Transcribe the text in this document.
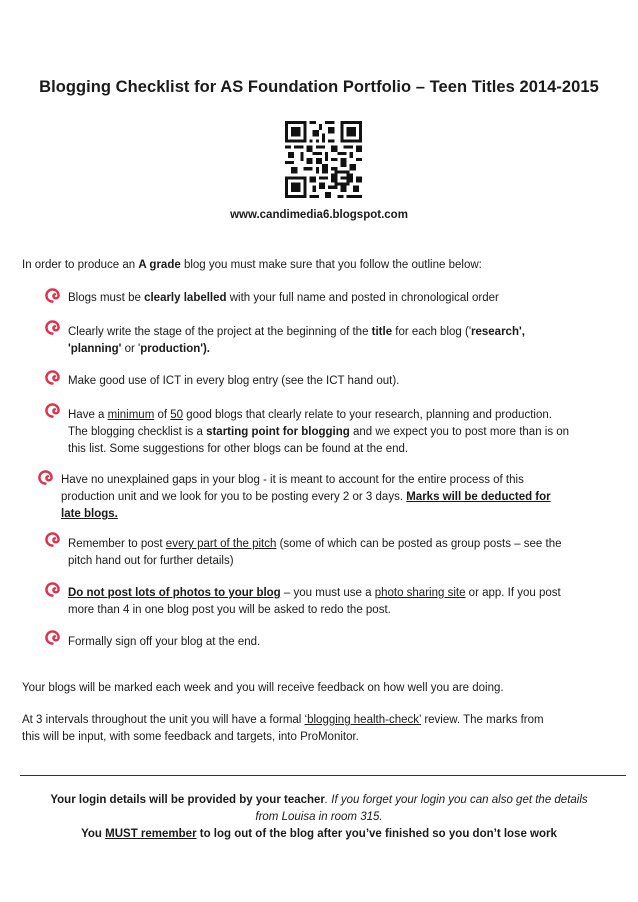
Blogging Checklist for AS Foundation Portfolio – Teen Titles 2014-2015
www.candimedia6.blogspot.com
In order to produce an A grade blog you must make sure that you follow the outline below:
Blogs must be clearly labelled with your full name and posted in chronological order
Clearly write the stage of the project at the beginning of the title for each blog ('research',
'planning' or 'production').
Make good use of ICT in every blog entry (see the ICT hand out).
Have a minimum of 50 good blogs that clearly relate to your research, planning and production.
The blogging checklist is a starting point for blogging and we expect you to post more than is on
this list. Some suggestions for other blogs can be found at the end.
Have no unexplained gaps in your blog - it is meant to account for the entire process of this
production unit and we look for you to be posting every 2 or 3 days. Marks will be deducted for
late blogs.
Remember to post every part of the pitch (some of which can be posted as group posts – see the
pitch hand out for further details)
Do not post lots of photos to your blog – you must use a photo sharing site or app. If you post
more than 4 in one blog post you will be asked to redo the post.
Formally sign off your blog at the end.
Your blogs will be marked each week and you will receive feedback on how well you are doing.
At 3 intervals throughout the unit you will have a formal ‘blogging health-check’ review. The marks from
this will be input, with some feedback and targets, into ProMonitor.
Your login details will be provided by your teacher. If you forget your login you can also get the details
from Louisa in room 315.
You MUST remember to log out of the blog after you’ve finished so you don’t lose work
